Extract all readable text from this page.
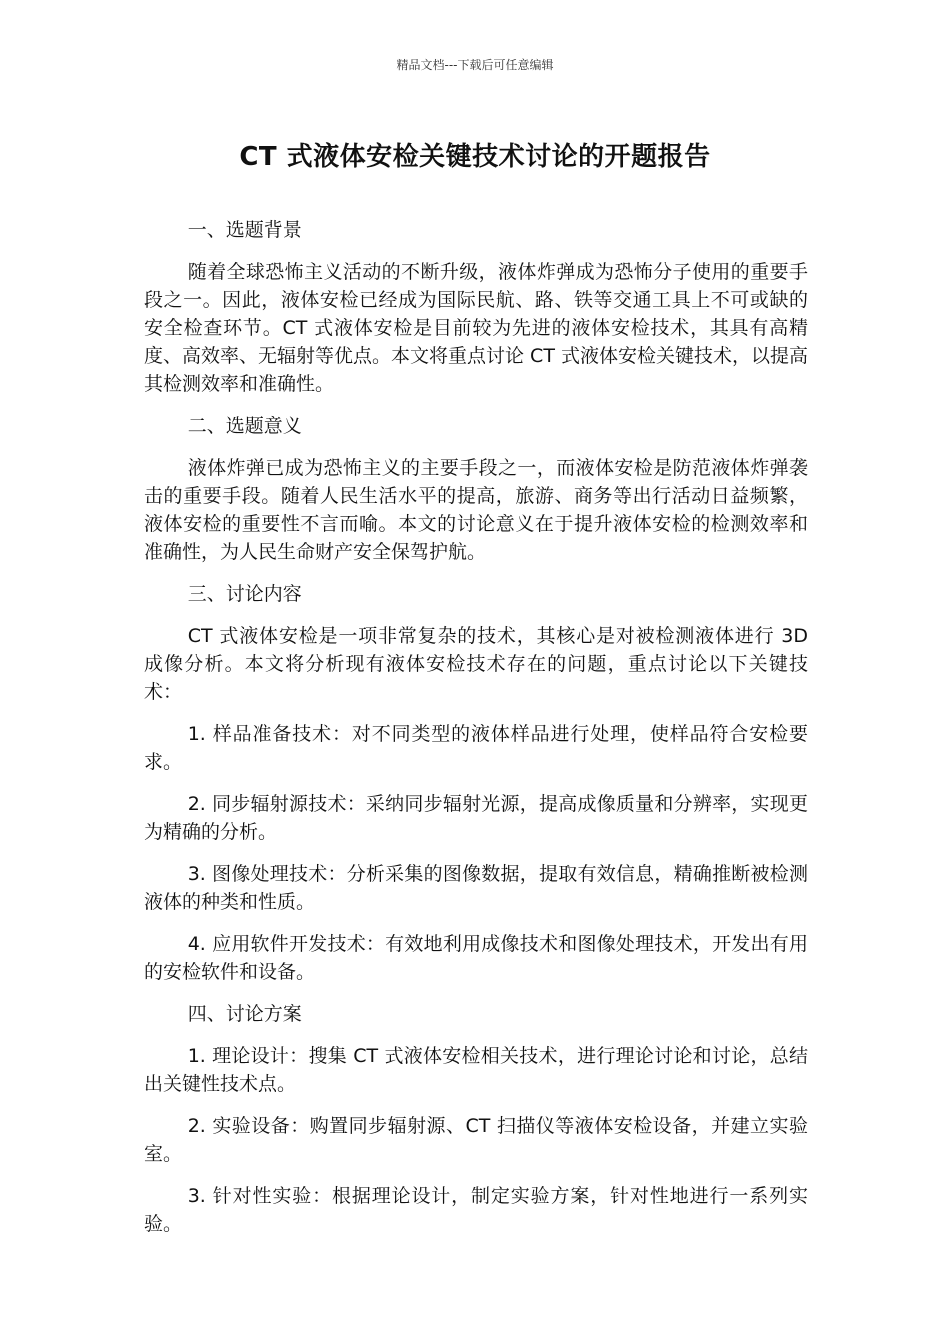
精品文档---下载后可任意编辑
CT 式液体安检关键技术讨论的开题报告
一、选题背景
随着全球恐怖主义活动的不断升级，液体炸弹成为恐怖分子使用的重要手段之一。因此，液体安检已经成为国际民航、路、铁等交通工具上不可或缺的安全检查环节。CT 式液体安检是目前较为先进的液体安检技术，其具有高精度、高效率、无辐射等优点。本文将重点讨论 CT 式液体安检关键技术，以提高其检测效率和准确性。
二、选题意义
液体炸弹已成为恐怖主义的主要手段之一，而液体安检是防范液体炸弹袭击的重要手段。随着人民生活水平的提高，旅游、商务等出行活动日益频繁，液体安检的重要性不言而喻。本文的讨论意义在于提升液体安检的检测效率和准确性，为人民生命财产安全保驾护航。
三、讨论内容
CT 式液体安检是一项非常复杂的技术，其核心是对被检测液体进行 3D 成像分析。本文将分析现有液体安检技术存在的问题，重点讨论以下关键技术：
1. 样品准备技术：对不同类型的液体样品进行处理，使样品符合安检要求。
2. 同步辐射源技术：采纳同步辐射光源，提高成像质量和分辨率，实现更为精确的分析。
3. 图像处理技术：分析采集的图像数据，提取有效信息，精确推断被检测液体的种类和性质。
4. 应用软件开发技术：有效地利用成像技术和图像处理技术，开发出有用的安检软件和设备。
四、讨论方案
1. 理论设计：搜集 CT 式液体安检相关技术，进行理论讨论和讨论，总结出关键性技术点。
2. 实验设备：购置同步辐射源、CT 扫描仪等液体安检设备，并建立实验室。
3. 针对性实验：根据理论设计，制定实验方案，针对性地进行一系列实验。
